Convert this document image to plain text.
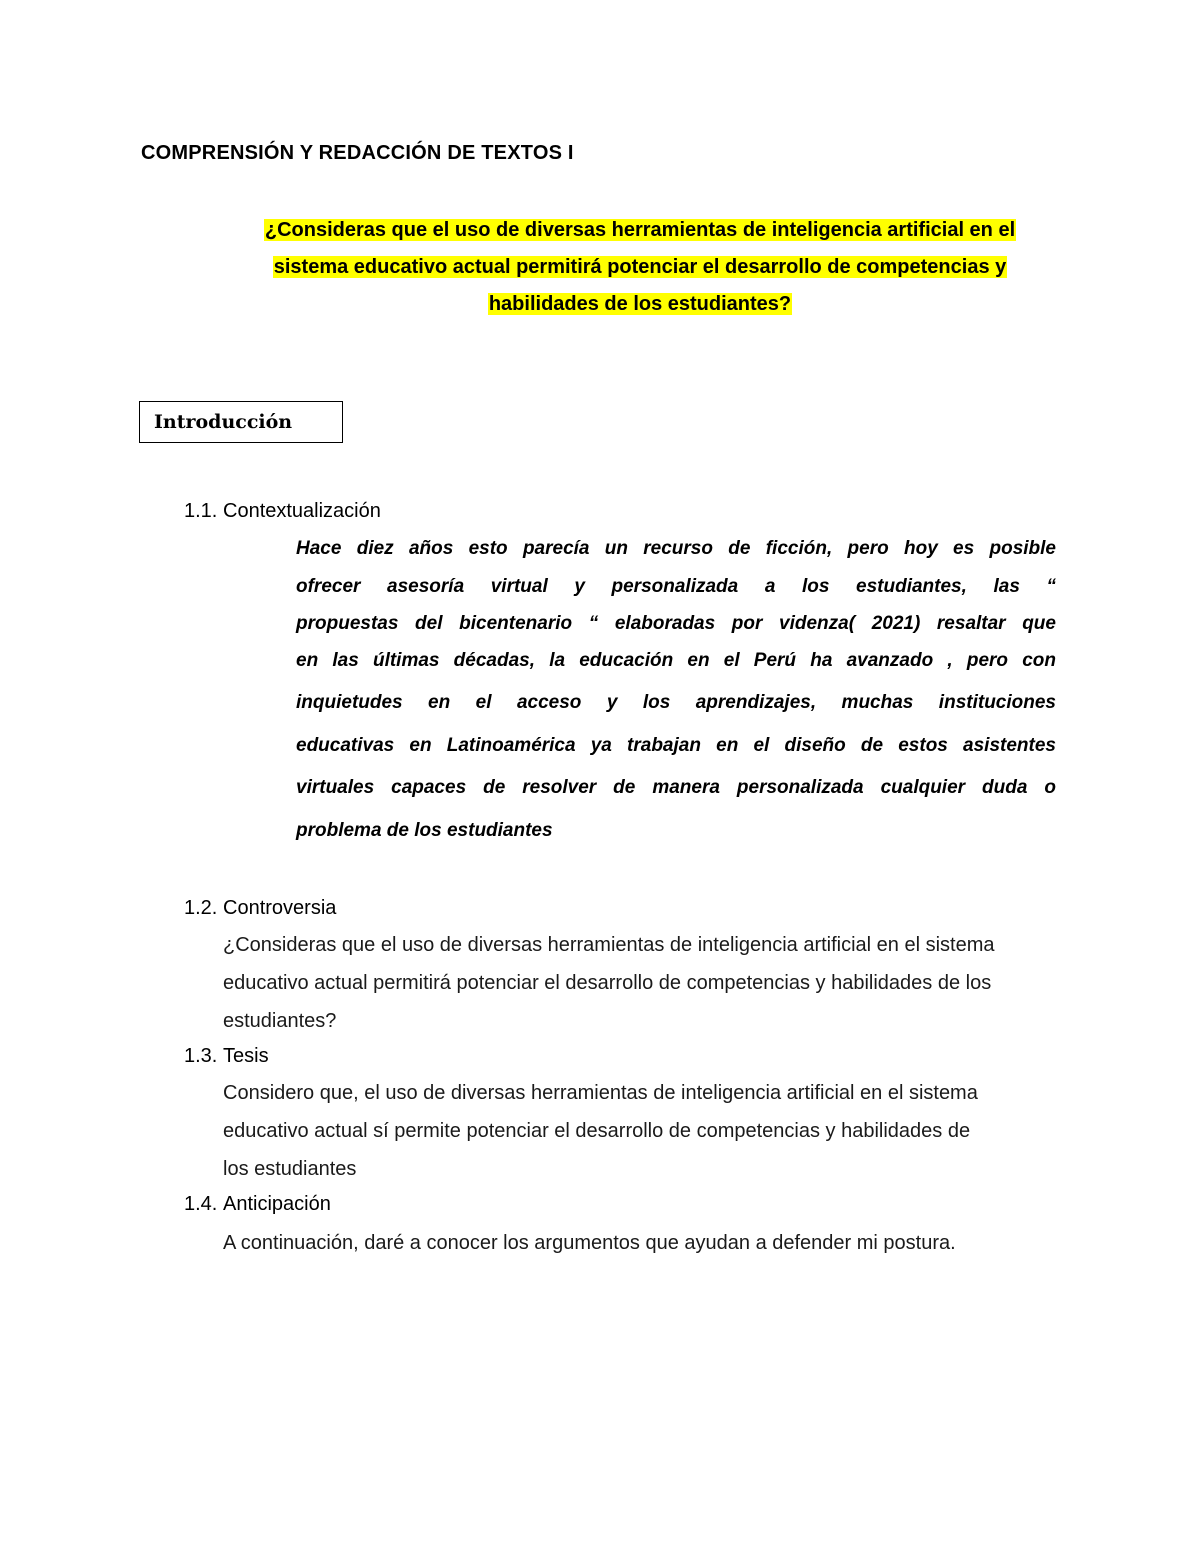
COMPRENSIÓN Y REDACCIÓN DE TEXTOS I
¿Consideras que el uso de diversas herramientas de inteligencia artificial en el
sistema educativo actual permitirá potenciar el desarrollo de competencias y
habilidades de los estudiantes?
Introducción
1.1. Contextualización
Hace diez años esto parecía un recurso de ficción, pero hoy es posible
ofrecer asesoría virtual y personalizada a los estudiantes, las “
propuestas del bicentenario “ elaboradas por videnza( 2021) resaltar que
en las últimas décadas, la educación en el Perú ha avanzado , pero con
inquietudes en el acceso y los aprendizajes, muchas instituciones
educativas en Latinoamérica ya trabajan en el diseño de estos asistentes
virtuales capaces de resolver de manera personalizada cualquier duda o
problema de los estudiantes
1.2. Controversia
¿Consideras que el uso de diversas herramientas de inteligencia artificial en el sistema
educativo actual permitirá potenciar el desarrollo de competencias y habilidades de los
estudiantes?
1.3. Tesis
Considero que, el uso de diversas herramientas de inteligencia artificial en el sistema
educativo actual sí permite potenciar el desarrollo de competencias y habilidades de
los estudiantes
1.4. Anticipación
A continuación, daré a conocer los argumentos que ayudan a defender mi postura.
